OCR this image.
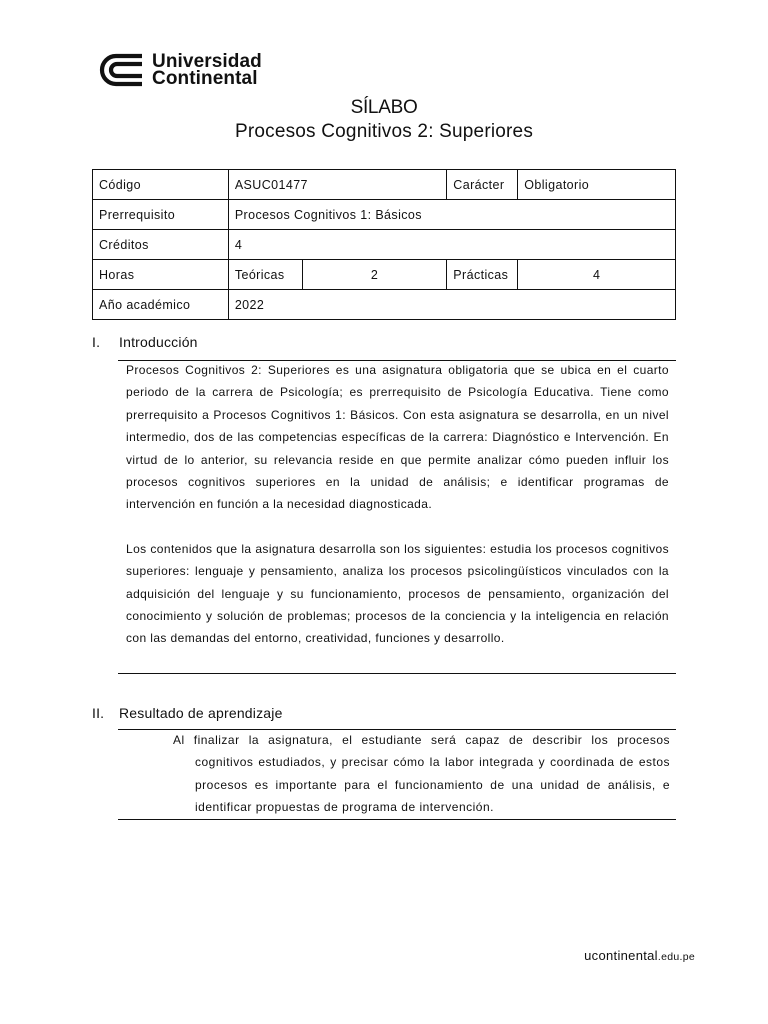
Universidad
Continental
SÍLABO
Procesos Cognitivos 2: Superiores
Código	ASUC01477		Carácter	Obligatorio
Prerrequisito	Procesos Cognitivos 1: Básicos			
Créditos	4			
Horas	Teóricas	2	Prácticas	4
Año académico	2022			
I. Introducción

Procesos Cognitivos 2: Superiores es una asignatura obligatoria que se ubica en el cuarto periodo de la carrera de Psicología; es prerrequisito de Psicología Educativa. Tiene como prerrequisito a Procesos Cognitivos 1: Básicos. Con esta asignatura se desarrolla, en un nivel intermedio, dos de las competencias específicas de la carrera: Diagnóstico e Intervención. En virtud de lo anterior, su relevancia reside en que permite analizar cómo pueden influir los procesos cognitivos superiores en la unidad de análisis; e identificar programas de intervención en función a la necesidad diagnosticada.

Los contenidos que la asignatura desarrolla son los siguientes: estudia los procesos cognitivos superiores: lenguaje y pensamiento, analiza los procesos psicolingüísticos vinculados con la adquisición del lenguaje y su funcionamiento, procesos de pensamiento, organización del conocimiento y solución de problemas; procesos de la conciencia y la inteligencia en relación con las demandas del entorno, creatividad, funciones y desarrollo.

II. Resultado de aprendizaje

Al finalizar la asignatura, el estudiante será capaz de describir los procesos cognitivos estudiados, y precisar cómo la labor integrada y coordinada de estos procesos es importante para el funcionamiento de una unidad de análisis, e identificar propuestas de programa de intervención.

ucontinental.edu.pe
